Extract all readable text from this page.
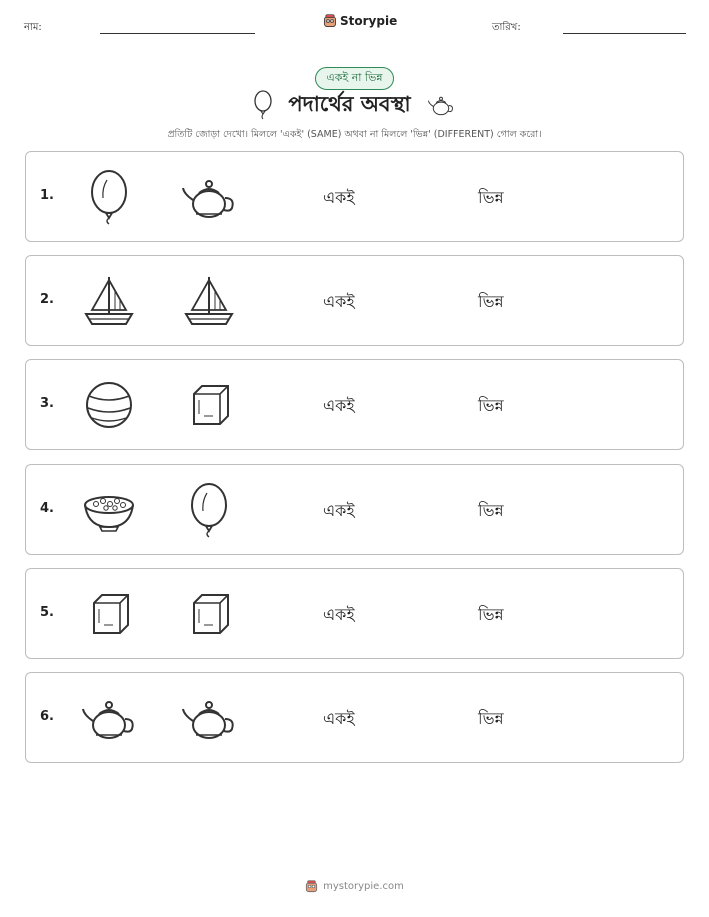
নাম:	Storypie	তারিখ:
একই না ভিন্ন
পদার্থের অবস্থা
প্রতিটি জোড়া দেখো। মিললে 'একই' (SAME) অথবা না মিললে 'ভিন্ন' (DIFFERENT) গোল করো।
1.	একই	ভিন্ন
2.	একই	ভিন্ন
3.	একই	ভিন্ন
4.	একই	ভিন্ন
5.	একই	ভিন্ন
6.	একই	ভিন্ন
mystorypie.com
